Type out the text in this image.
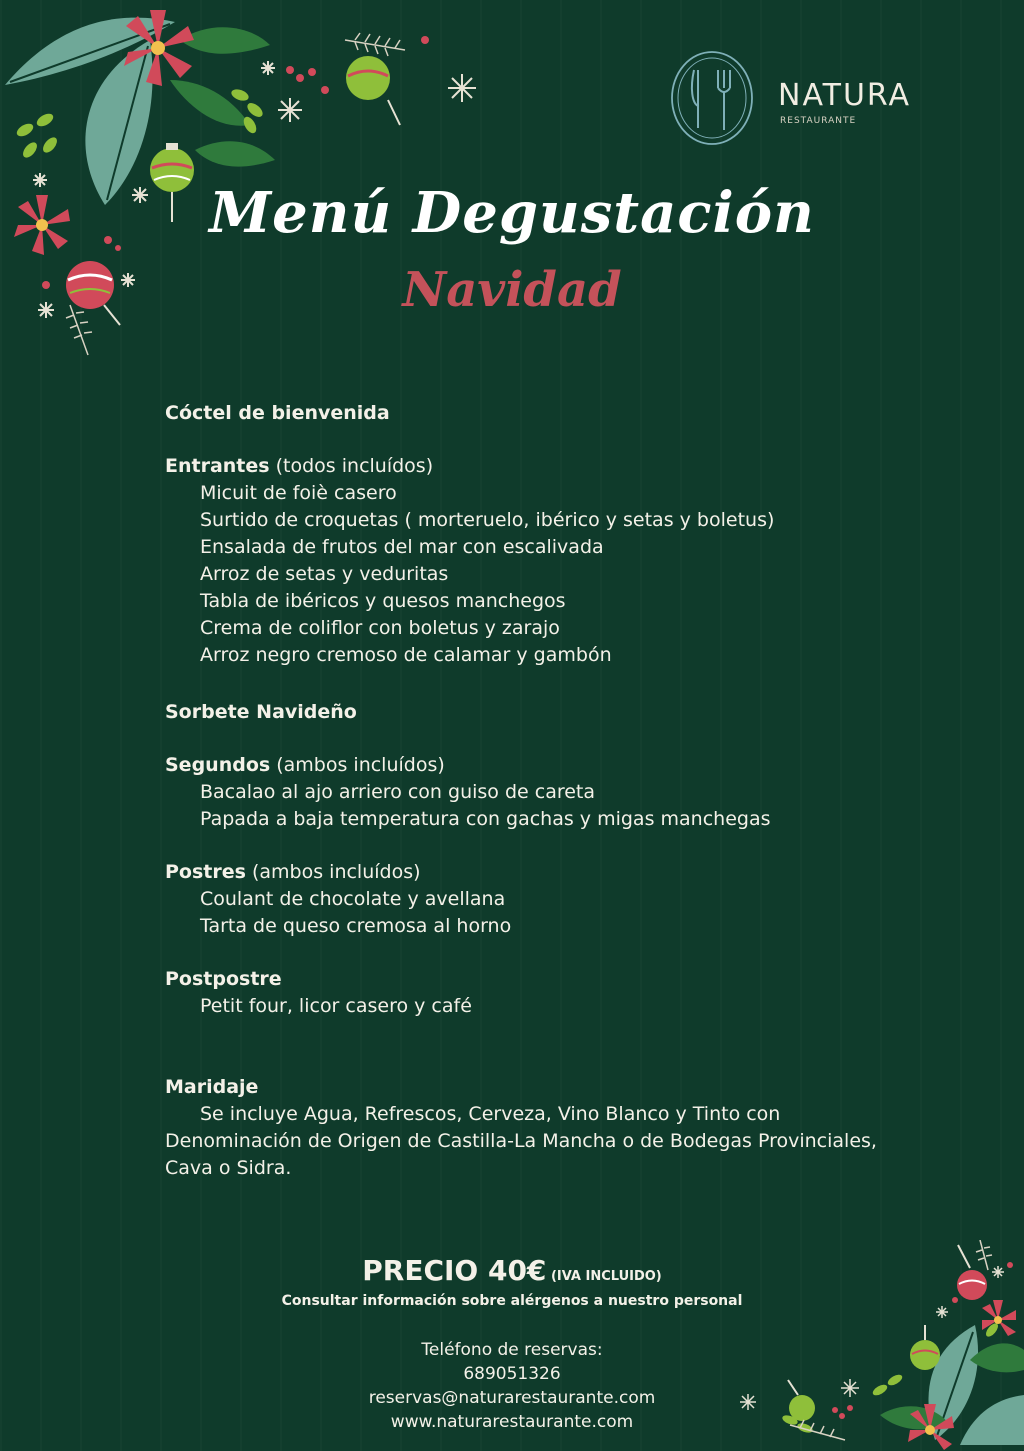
NATURA
RESTAURANTE
Menú Degustación
Navidad
Cóctel de bienvenida
Entrantes (todos incluídos)
Micuit de foiè casero
Surtido de croquetas ( morteruelo, ibérico y setas y boletus)
Ensalada de frutos del mar con escalivada
Arroz de setas y veduritas
Tabla de ibéricos y quesos manchegos
Crema de coliflor con boletus y zarajo
Arroz negro cremoso de calamar y gambón
Sorbete Navideño
Segundos (ambos incluídos)
Bacalao al ajo arriero con guiso de careta
Papada a baja temperatura con gachas y migas manchegas
Postres (ambos incluídos)
Coulant de chocolate y avellana
Tarta de queso cremosa al horno
Postpostre
Petit four, licor casero y café
Maridaje
Se incluye Agua, Refrescos, Cerveza, Vino Blanco y Tinto con
Denominación de Origen de Castilla-La Mancha o de Bodegas Provinciales,
Cava o Sidra.
PRECIO 40€ (IVA INCLUIDO)
Consultar información sobre alérgenos a nuestro personal
Teléfono de reservas:
689051326
reservas@naturarestaurante.com
www.naturarestaurante.com
